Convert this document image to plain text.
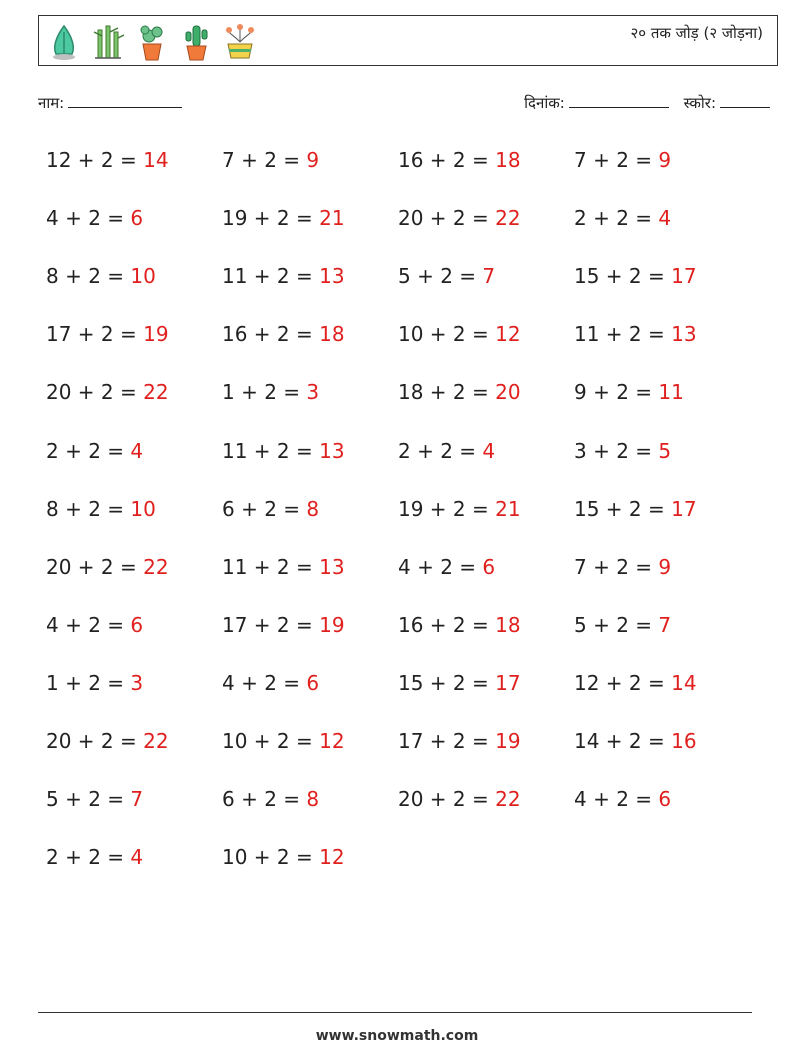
२० तक जोड़ (२ जोड़ना)
नाम:	दिनांक:	स्कोर:
12 + 2 = 14
4 + 2 = 6
8 + 2 = 10
17 + 2 = 19
20 + 2 = 22
2 + 2 = 4
8 + 2 = 10
20 + 2 = 22
4 + 2 = 6
1 + 2 = 3
20 + 2 = 22
5 + 2 = 7
2 + 2 = 4
7 + 2 = 9
19 + 2 = 21
11 + 2 = 13
16 + 2 = 18
1 + 2 = 3
11 + 2 = 13
6 + 2 = 8
11 + 2 = 13
17 + 2 = 19
4 + 2 = 6
10 + 2 = 12
6 + 2 = 8
10 + 2 = 12
16 + 2 = 18
20 + 2 = 22
5 + 2 = 7
10 + 2 = 12
18 + 2 = 20
2 + 2 = 4
19 + 2 = 21
4 + 2 = 6
16 + 2 = 18
15 + 2 = 17
17 + 2 = 19
20 + 2 = 22
7 + 2 = 9
2 + 2 = 4
15 + 2 = 17
11 + 2 = 13
9 + 2 = 11
3 + 2 = 5
15 + 2 = 17
7 + 2 = 9
5 + 2 = 7
12 + 2 = 14
14 + 2 = 16
4 + 2 = 6
www.snowmath.com
